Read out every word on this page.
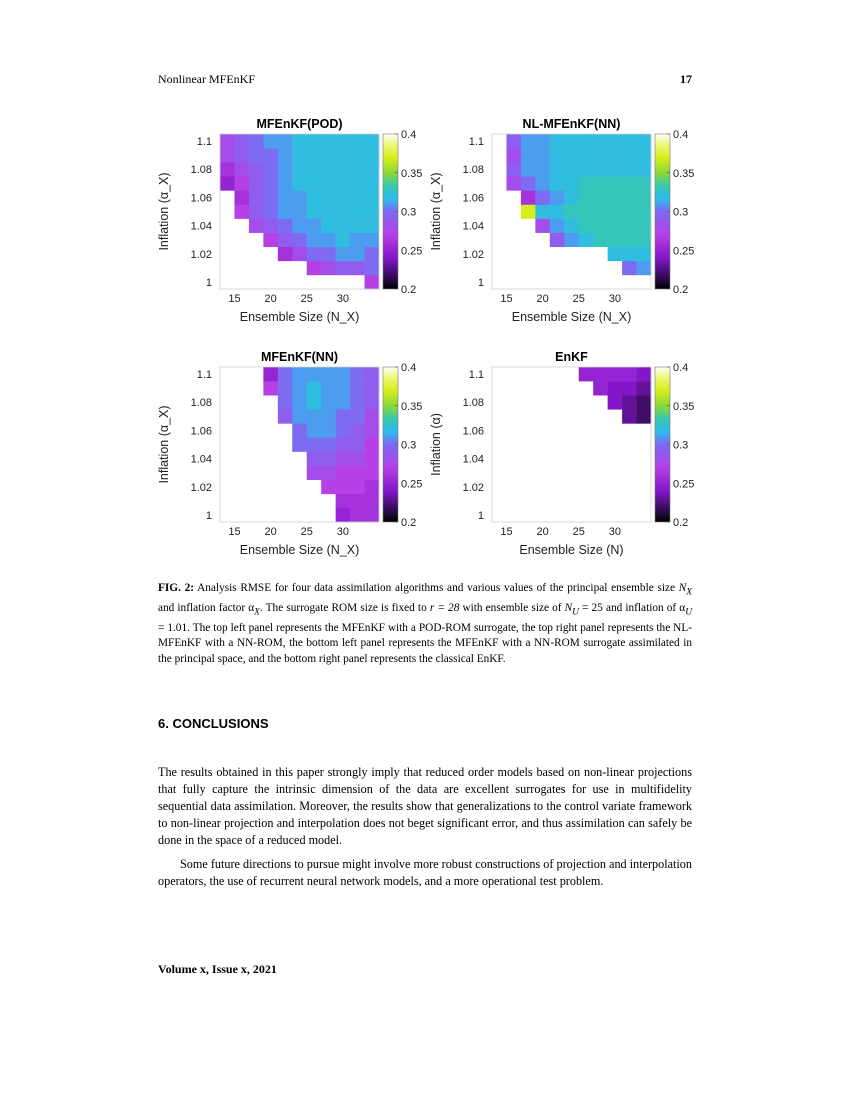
Nonlinear MFEnKF	17
MFEnKF(POD)
15 20 25 30
1
1.02
1.04
1.06
1.08
1.1
Ensemble Size (N_X)
Inflation (α_X)
0.2
0.25
0.3
0.35
0.4
NL-MFEnKF(NN)
15 20 25 30
1
1.02
1.04
1.06
1.08
1.1
Ensemble Size (N_X)
Inflation (α_X)
0.2
0.25
0.3
0.35
0.4
MFEnKF(NN)
15 20 25 30
1
1.02
1.04
1.06
1.08
1.1
Ensemble Size (N_X)
Inflation (α_X)
0.2
0.25
0.3
0.35
0.4
EnKF
15 20 25 30
1
1.02
1.04
1.06
1.08
1.1
Ensemble Size (N)
Inflation (α)
0.2
0.25
0.3
0.35
0.4
FIG. 2: Analysis RMSE for four data assimilation algorithms and various values of the principal ensemble size $N_X$ and inflation factor $\alpha_X$. The surrogate ROM size is fixed to r = 28 with ensemble size of $N_U = 25$ and inflation of $\alpha_U = 1.01$. The top left panel represents the MFEnKF with a POD-ROM surrogate, the top right panel represents the NL-MFEnKF with a NN-ROM, the bottom left panel represents the MFEnKF with a NN-ROM surrogate assimilated in the principal space, and the bottom right panel represents the classical EnKF.
6. CONCLUSIONS

The results obtained in this paper strongly imply that reduced order models based on non-linear projections that fully capture the intrinsic dimension of the data are excellent surrogates for use in multifidelity sequential data assimilation. Moreover, the results show that generalizations to the control variate framework to non-linear projection and interpolation does not beget significant error, and thus assimilation can safely be done in the space of a reduced model.

Some future directions to pursue might involve more robust constructions of projection and interpolation operators, the use of recurrent neural network models, and a more operational test problem.

Volume x, Issue x, 2021
